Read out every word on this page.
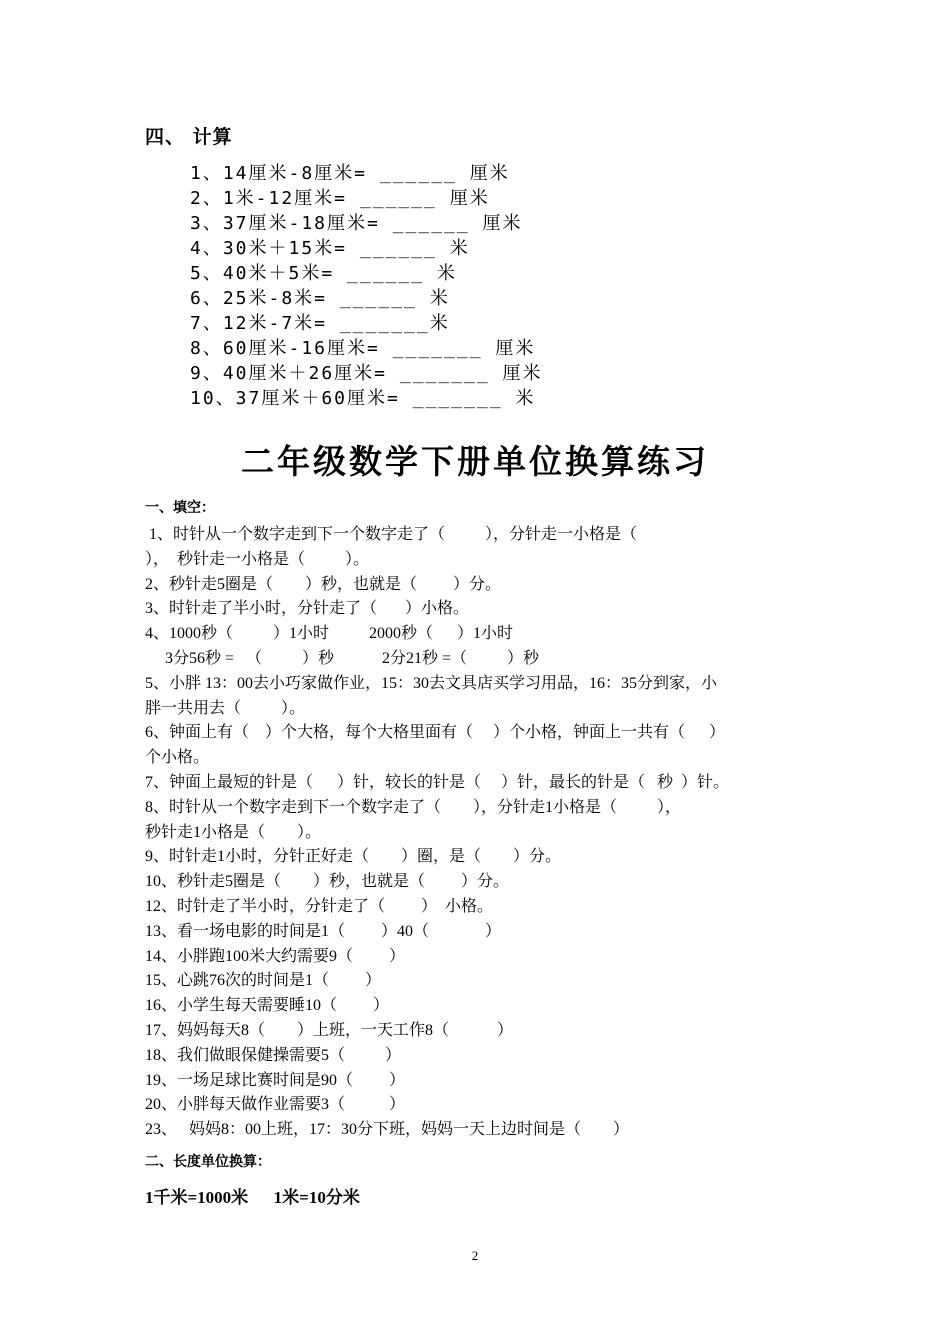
四、 计算
1、14厘米-8厘米= ______ 厘米
2、1米-12厘米= ______ 厘米
3、37厘米-18厘米= ______ 厘米
4、30米＋15米= ______ 米
5、40米＋5米= ______ 米
6、25米-8米= ______ 米
7、12米-7米= _______米
8、60厘米-16厘米= _______ 厘米
9、40厘米＋26厘米= _______ 厘米
10、37厘米＋60厘米= _______ 米
二年级数学下册单位换算练习
一、填空：
1、时针从一个数字走到下一个数字走了（          ），分针走一小格是（
），  秒针走一小格是（          ）。
2、秒针走5圈是（        ）秒，也就是（         ）分。
3、时针走了半小时，分针走了（       ）小格。
4、1000秒（          ）1小时          2000秒（      ）1小时
3分56秒 =   （          ）秒            2分21秒 =（          ）秒
5、小胖 13：00去小巧家做作业，15：30去文具店买学习用品，16：35分到家，小
胖一共用去（          ）。
6、钟面上有（    ）个大格，每个大格里面有（     ）个小格，钟面上一共有（      ）
个小格。
7、钟面上最短的针是（      ）针，较长的针是（     ）针，最长的针是（   秒  ）针。
8、时针从一个数字走到下一个数字走了（        ），分针走1小格是（          ），
秒针走1小格是（        ）。
9、时针走1小时，分针正好走（        ）圈，是（        ）分。
10、秒针走5圈是（        ）秒，也就是（         ）分。
12、时针走了半小时，分针走了（         ）  小格。
13、看一场电影的时间是1（         ）40（              ）
14、小胖跑100米大约需要9（         ）
15、心跳76次的时间是1（         ）
16、小学生每天需要睡10（         ）
17、妈妈每天8（        ）上班，一天工作8（            ）
18、我们做眼保健操需要5（          ）
19、一场足球比赛时间是90（         ）
20、小胖每天做作业需要3（           ）
23、   妈妈8：00上班，17：30分下班，妈妈一天上边时间是（        ）
二、长度单位换算：
1千米=1000米      1米=10分米
2
